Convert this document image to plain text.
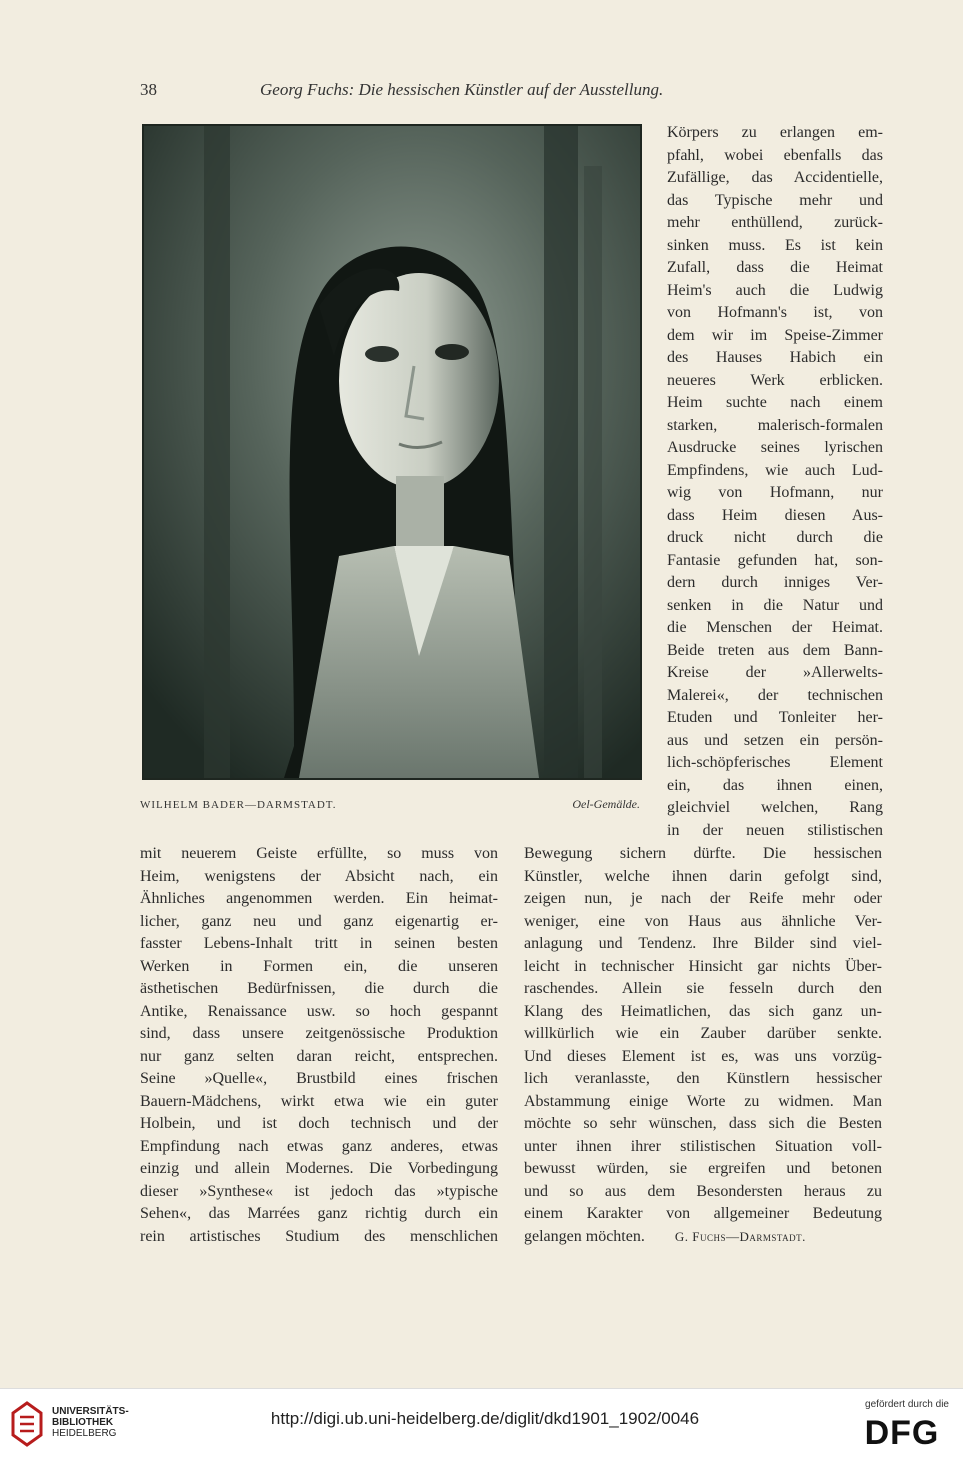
38	Georg Fuchs: Die hessischen Künstler auf der Ausstellung.
WILHELM BADER—DARMSTADT.	Oel-Gemälde.
Körpers zu erlangen em-
pfahl, wobei ebenfalls das
Zufällige, das Accidentielle,
das Typische mehr und
mehr enthüllend, zurück-
sinken muss. Es ist kein
Zufall, dass die Heimat
Heim's auch die Ludwig
von Hofmann's ist, von
dem wir im Speise-Zimmer
des Hauses Habich ein
neueres Werk erblicken.
Heim suchte nach einem
starken, malerisch-formalen
Ausdrucke seines lyrischen
Empfindens, wie auch Lud-
wig von Hofmann, nur
dass Heim diesen Aus-
druck nicht durch die
Fantasie gefunden hat, son-
dern durch inniges Ver-
senken in die Natur und
die Menschen der Heimat.
Beide treten aus dem Bann-
Kreise der »Allerwelts-
Malerei«, der technischen
Etuden und Tonleiter her-
aus und setzen ein persön-
lich-schöpferisches Element
ein, das ihnen einen,
gleichviel welchen, Rang
in der neuen stilistischen
mit neuerem Geiste erfüllte, so muss von
Heim, wenigstens der Absicht nach, ein
Ähnliches angenommen werden. Ein heimat-
licher, ganz neu und ganz eigenartig er-
fasster Lebens-Inhalt tritt in seinen besten
Werken in Formen ein, die unseren
ästhetischen Bedürfnissen, die durch die
Antike, Renaissance usw. so hoch gespannt
sind, dass unsere zeitgenössische Produktion
nur ganz selten daran reicht, entsprechen.
Seine »Quelle«, Brustbild eines frischen
Bauern-Mädchens, wirkt etwa wie ein guter
Holbein, und ist doch technisch und der
Empfindung nach etwas ganz anderes, etwas
einzig und allein Modernes. Die Vorbedingung
dieser »Synthese« ist jedoch das »typische
Sehen«, das Marrées ganz richtig durch ein
rein artistisches Studium des menschlichen
Bewegung sichern dürfte. Die hessischen
Künstler, welche ihnen darin gefolgt sind,
zeigen nun, je nach der Reife mehr oder
weniger, eine von Haus aus ähnliche Ver-
anlagung und Tendenz. Ihre Bilder sind viel-
leicht in technischer Hinsicht gar nichts Über-
raschendes. Allein sie fesseln durch den
Klang des Heimatlichen, das sich ganz un-
willkürlich wie ein Zauber darüber senkte.
Und dieses Element ist es, was uns vorzüg-
lich veranlasste, den Künstlern hessischer
Abstammung einige Worte zu widmen. Man
möchte so sehr wünschen, dass sich die Besten
unter ihnen ihrer stilistischen Situation voll-
bewusst würden, sie ergreifen und betonen
und so aus dem Besondersten heraus zu
einem Karakter von allgemeiner Bedeutung
gelangen möchten. G. Fuchs—Darmstadt.
UNIVERSITÄTS-
BIBLIOTHEK
HEIDELBERG
http://digi.ub.uni-heidelberg.de/diglit/dkd1901_1902/0046
gefördert durch die
DFG
